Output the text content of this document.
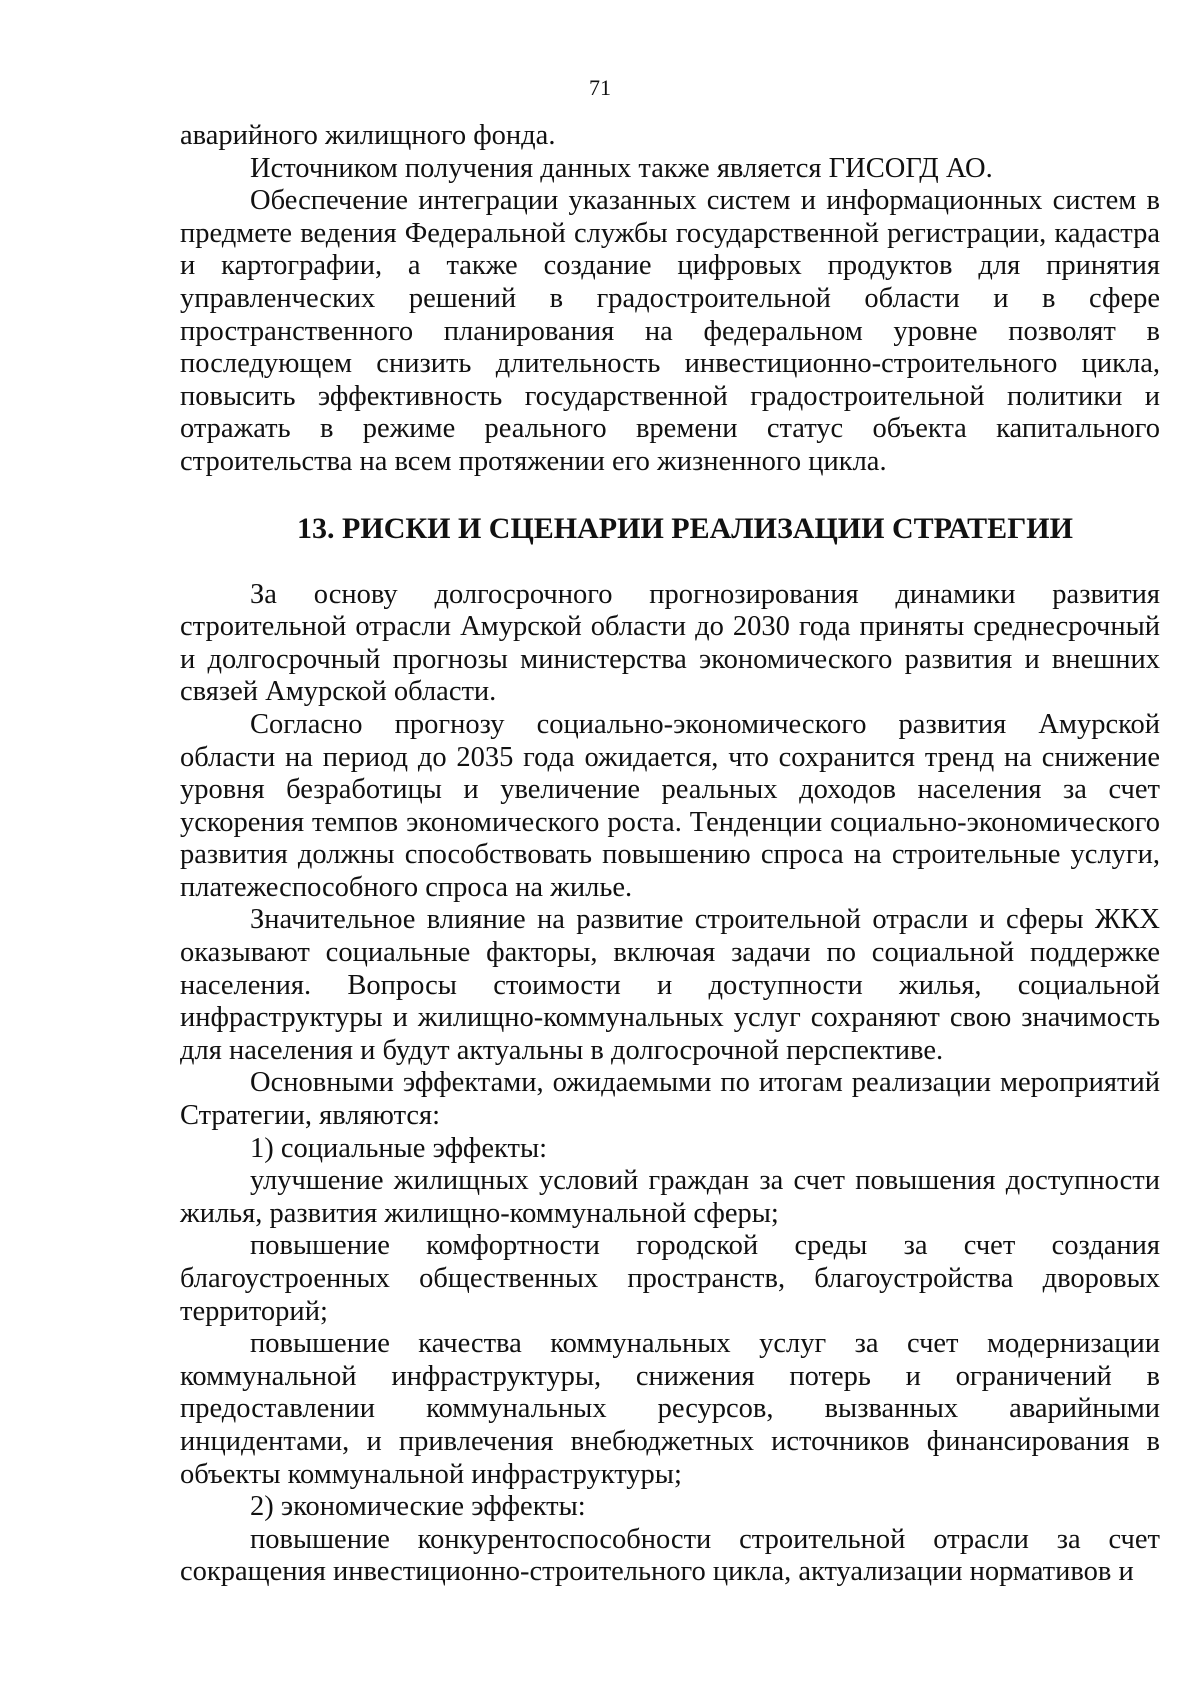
71

аварийного жилищного фонда.

Источником получения данных также является ГИСОГД АО.

Обеспечение интеграции указанных систем и информационных систем в предмете ведения Федеральной службы государственной регистрации, кадастра и картографии, а также создание цифровых продуктов для принятия управленческих решений в градостроительной области и в сфере пространственного планирования на федеральном уровне позволят в последующем снизить длительность инвестиционно-строительного цикла, повысить эффективность государственной градостроительной политики и отражать в режиме реального времени статус объекта капитального строительства на всем протяжении его жизненного цикла.

13. РИСКИ И СЦЕНАРИИ РЕАЛИЗАЦИИ СТРАТЕГИИ

За основу долгосрочного прогнозирования динамики развития строительной отрасли Амурской области до 2030 года приняты среднесрочный и долгосрочный прогнозы министерства экономического развития и внешних связей Амурской области.

Согласно прогнозу социально-экономического развития Амурской области на период до 2035 года ожидается, что сохранится тренд на снижение уровня безработицы и увеличение реальных доходов населения за счет ускорения темпов экономического роста. Тенденции социально-экономического развития должны способствовать повышению спроса на строительные услуги, платежеспособного спроса на жилье.

Значительное влияние на развитие строительной отрасли и сферы ЖКХ оказывают социальные факторы, включая задачи по социальной поддержке населения. Вопросы стоимости и доступности жилья, социальной инфраструктуры и жилищно-коммунальных услуг сохраняют свою значимость для населения и будут актуальны в долгосрочной перспективе.

Основными эффектами, ожидаемыми по итогам реализации мероприятий Стратегии, являются:

1) социальные эффекты:

улучшение жилищных условий граждан за счет повышения доступности жилья, развития жилищно-коммунальной сферы;

повышение комфортности городской среды за счет создания благоустроенных общественных пространств, благоустройства дворовых территорий;

повышение качества коммунальных услуг за счет модернизации коммунальной инфраструктуры, снижения потерь и ограничений в предоставлении коммунальных ресурсов, вызванных аварийными инцидентами, и привлечения внебюджетных источников финансирования в объекты коммунальной инфраструктуры;

2) экономические эффекты:

повышение конкурентоспособности строительной отрасли за счет сокращения инвестиционно-строительного цикла, актуализации нормативов и
